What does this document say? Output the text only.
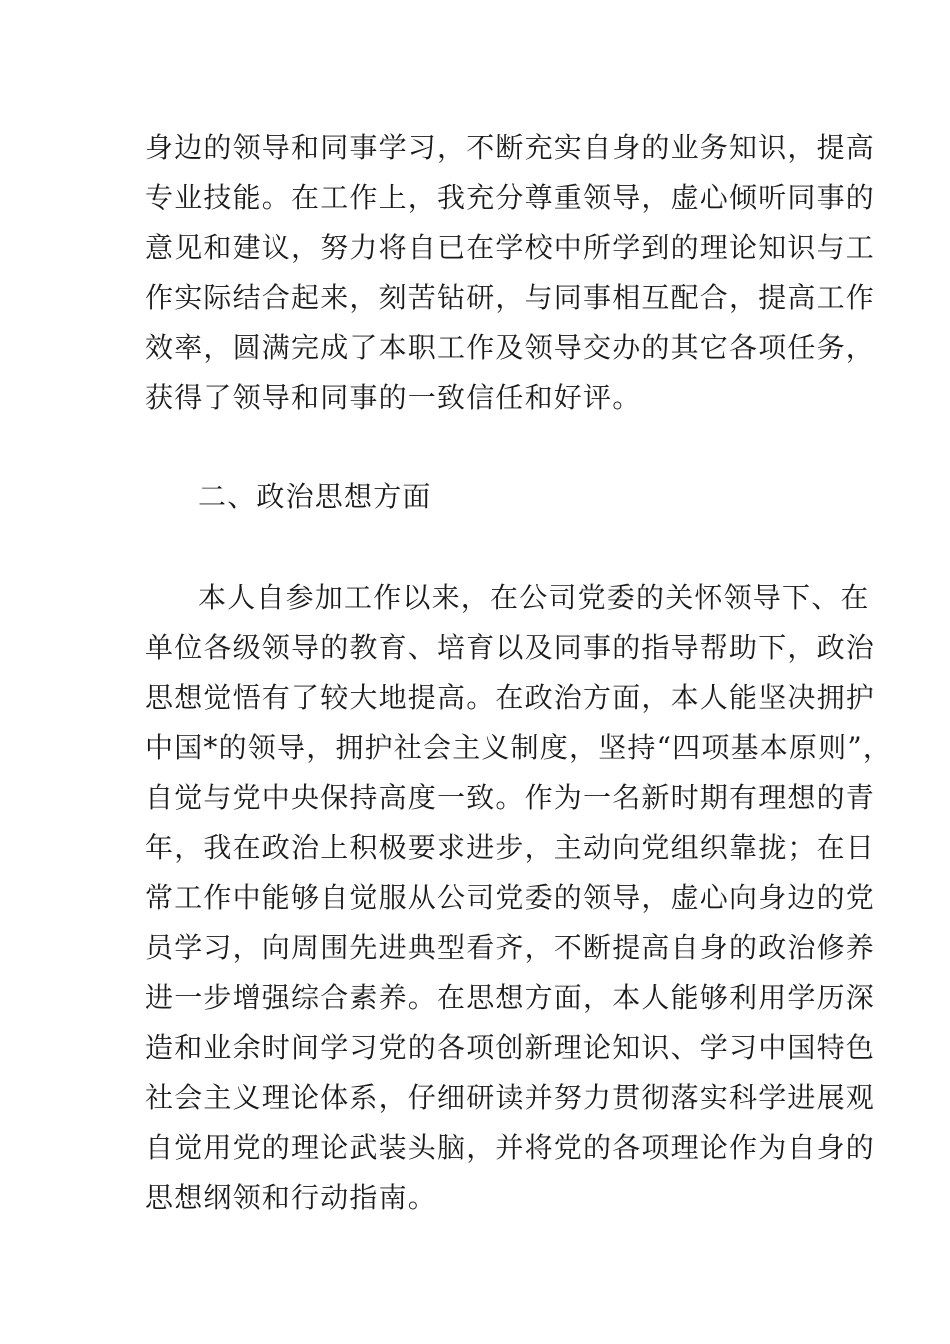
身边的领导和同事学习，不断充实自身的业务知识，提高
专业技能。在工作上，我充分尊重领导，虚心倾听同事的
意见和建议，努力将自已在学校中所学到的理论知识与工
作实际结合起来，刻苦钻研，与同事相互配合，提高工作
效率，圆满完成了本职工作及领导交办的其它各项任务，
获得了领导和同事的一致信任和好评。
二、政治思想方面
本人自参加工作以来，在公司党委的关怀领导下、在
单位各级领导的教育、培育以及同事的指导帮助下，政治
思想觉悟有了较大地提高。在政治方面，本人能坚决拥护
中国*的领导，拥护社会主义制度，坚持“四项基本原则”，
自觉与党中央保持高度一致。作为一名新时期有理想的青
年，我在政治上积极要求进步，主动向党组织靠拢；在日
常工作中能够自觉服从公司党委的领导，虚心向身边的党
员学习，向周围先进典型看齐，不断提高自身的政治修养
进一步增强综合素养。在思想方面，本人能够利用学历深
造和业余时间学习党的各项创新理论知识、学习中国特色
社会主义理论体系，仔细研读并努力贯彻落实科学进展观
自觉用党的理论武装头脑，并将党的各项理论作为自身的
思想纲领和行动指南。
